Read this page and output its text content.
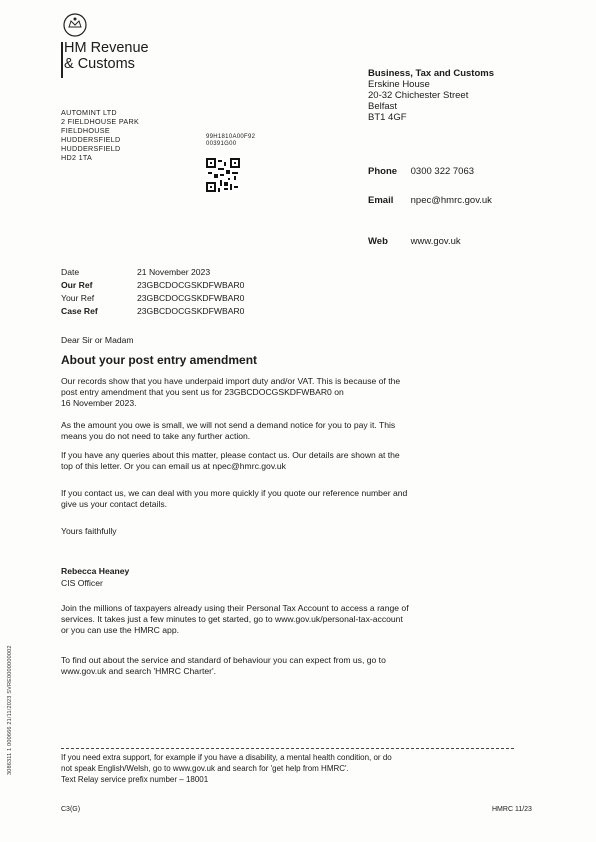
HM Revenue
& Customs
Business, Tax and Customs
Erskine House
20-32 Chichester Street
Belfast
BT1 4GF
AUTOMINT LTD
2 FIELDHOUSE PARK
FIELDHOUSE
HUDDERSFIELD
HUDDERSFIELD
HD2 1TA
99H1810A00F92
00391G00
Phone 0300 322 7063
Email npec@hmrc.gov.uk
Web www.gov.uk
Date	21 November 2023
Our Ref	23GBCDOCGSKDFWBAR0
Your Ref	23GBCDOCGSKDFWBAR0
Case Ref	23GBCDOCGSKDFWBAR0
Dear Sir or Madam
About your post entry amendment
Our records show that you have underpaid import duty and/or VAT. This is because of the
post entry amendment that you sent us for 23GBCDOCGSKDFWBAR0 on
16 November 2023.
As the amount you owe is small, we will not send a demand notice for you to pay it. This
means you do not need to take any further action.
If you have any queries about this matter, please contact us. Our details are shown at the
top of this letter. Or you can email us at npec@hmrc.gov.uk
If you contact us, we can deal with you more quickly if you quote our reference number and
give us your contact details.
Yours faithfully
Rebecca Heaney
CIS Officer
Join the millions of taxpayers already using their Personal Tax Account to access a range of
services. It takes just a few minutes to get started, go to www.gov.uk/personal-tax-account
or you can use the HMRC app.
To find out about the service and standard of behaviour you can expect from us, go to
www.gov.uk and search 'HMRC Charter'.
If you need extra support, for example if you have a disability, a mental health condition, or do
not speak English/Welsh, go to www.gov.uk and search for 'get help from HMRC'.
Text Relay service prefix number – 18001
C3(G)	HMRC 11/23
3086311 1 000666 21/11/2023 SVRE0000000002
